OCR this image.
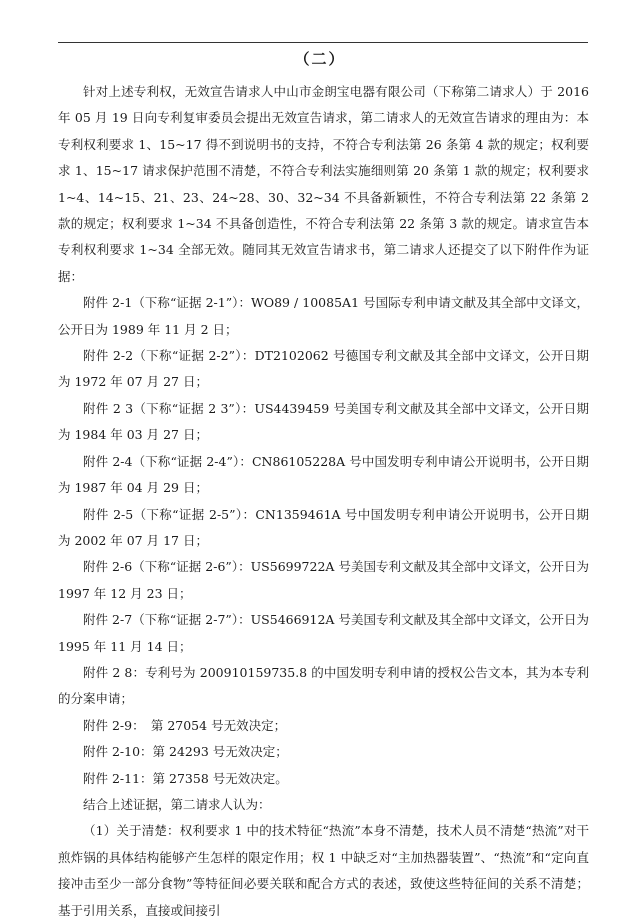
（二）

针对上述专利权，无效宣告请求人中山市金朗宝电器有限公司（下称第二请求人）于 2016 年 05 月 19 日向专利复审委员会提出无效宣告请求，第二请求人的无效宣告请求的理由为：本专利权利要求 1、15~17 得不到说明书的支持，不符合专利法第 26 条第 4 款的规定；权利要求 1、15~17 请求保护范围不清楚，不符合专利法实施细则第 20 条第 1 款的规定；权利要求 1~4、14~15、21、23、24~28、30、32~34 不具备新颖性，不符合专利法第 22 条第 2 款的规定；权利要求 1~34 不具备创造性，不符合专利法第 22 条第 3 款的规定。请求宣告本专利权利要求 1~34 全部无效。随同其无效宣告请求书，第二请求人还提交了以下附件作为证据：

附件 2-1（下称“证据 2-1”）：WO89 / 10085A1 号国际专利申请文献及其全部中文译文，公开日为 1989 年 11 月 2 日；

附件 2-2（下称“证据 2-2”）：DT2102062 号德国专利文献及其全部中文译文，公开日期为 1972 年 07 月 27 日；

附件 2 3（下称“证据 2 3”）：US4439459 号美国专利文献及其全部中文译文，公开日期为 1984 年 03 月 27 日；

附件 2-4（下称“证据 2-4”）：CN86105228A 号中国发明专利申请公开说明书，公开日期为 1987 年 04 月 29 日；

附件 2-5（下称“证据 2-5”）：CN1359461A 号中国发明专利申请公开说明书，公开日期为 2002 年 07 月 17 日；

附件 2-6（下称“证据 2-6”）：US5699722A 号美国专利文献及其全部中文译文，公开日为 1997 年 12 月 23 日；

附件 2-7（下称“证据 2-7”）：US5466912A 号美国专利文献及其全部中文译文，公开日为 1995 年 11 月 14 日；

附件 2 8：专利号为 200910159735.8 的中国发明专利申请的授权公告文本，其为本专利的分案申请；

附件 2-9：　第 27054 号无效决定；

附件 2-10：第 24293 号无效决定；

附件 2-11：第 27358 号无效决定。

结合上述证据，第二请求人认为：

（1）关于清楚：权利要求 1 中的技术特征“热流”本身不清楚，技术人员不清楚“热流”对干煎炸锅的具体结构能够产生怎样的限定作用；权 1 中缺乏对“主加热器装置”、“热流”和“定向直接冲击至少一部分食物”等特征间必要关联和配合方式的表述，致使这些特征间的关系不清楚；基于引用关系，直接或间接引
